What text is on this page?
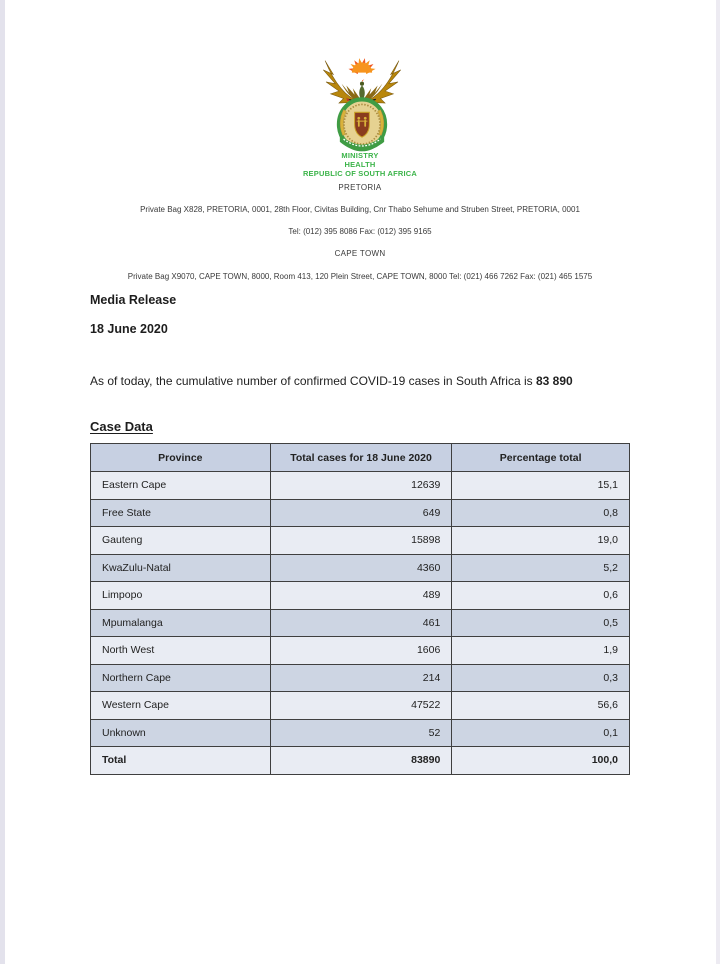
MINISTRY
HEALTH
REPUBLIC OF SOUTH AFRICA
PRETORIA
Private Bag X828, PRETORIA, 0001, 28th Floor, Civitas Building, Cnr Thabo Sehume and Struben Street, PRETORIA, 0001
Tel: (012) 395 8086 Fax: (012) 395 9165
CAPE TOWN
Private Bag X9070, CAPE TOWN, 8000, Room 413, 120 Plein Street, CAPE TOWN, 8000 Tel: (021) 466 7262 Fax: (021) 465 1575
Media Release
18 June 2020
As of today, the cumulative number of confirmed COVID-19 cases in South Africa is 83 890
Case Data
Province	Total cases for 18 June 2020	Percentage total
Eastern Cape	12639	15,1
Free State	649	0,8
Gauteng	15898	19,0
KwaZulu-Natal	4360	5,2
Limpopo	489	0,6
Mpumalanga	461	0,5
North West	1606	1,9
Northern Cape	214	0,3
Western Cape	47522	56,6
Unknown	52	0,1
Total	83890	100,0
